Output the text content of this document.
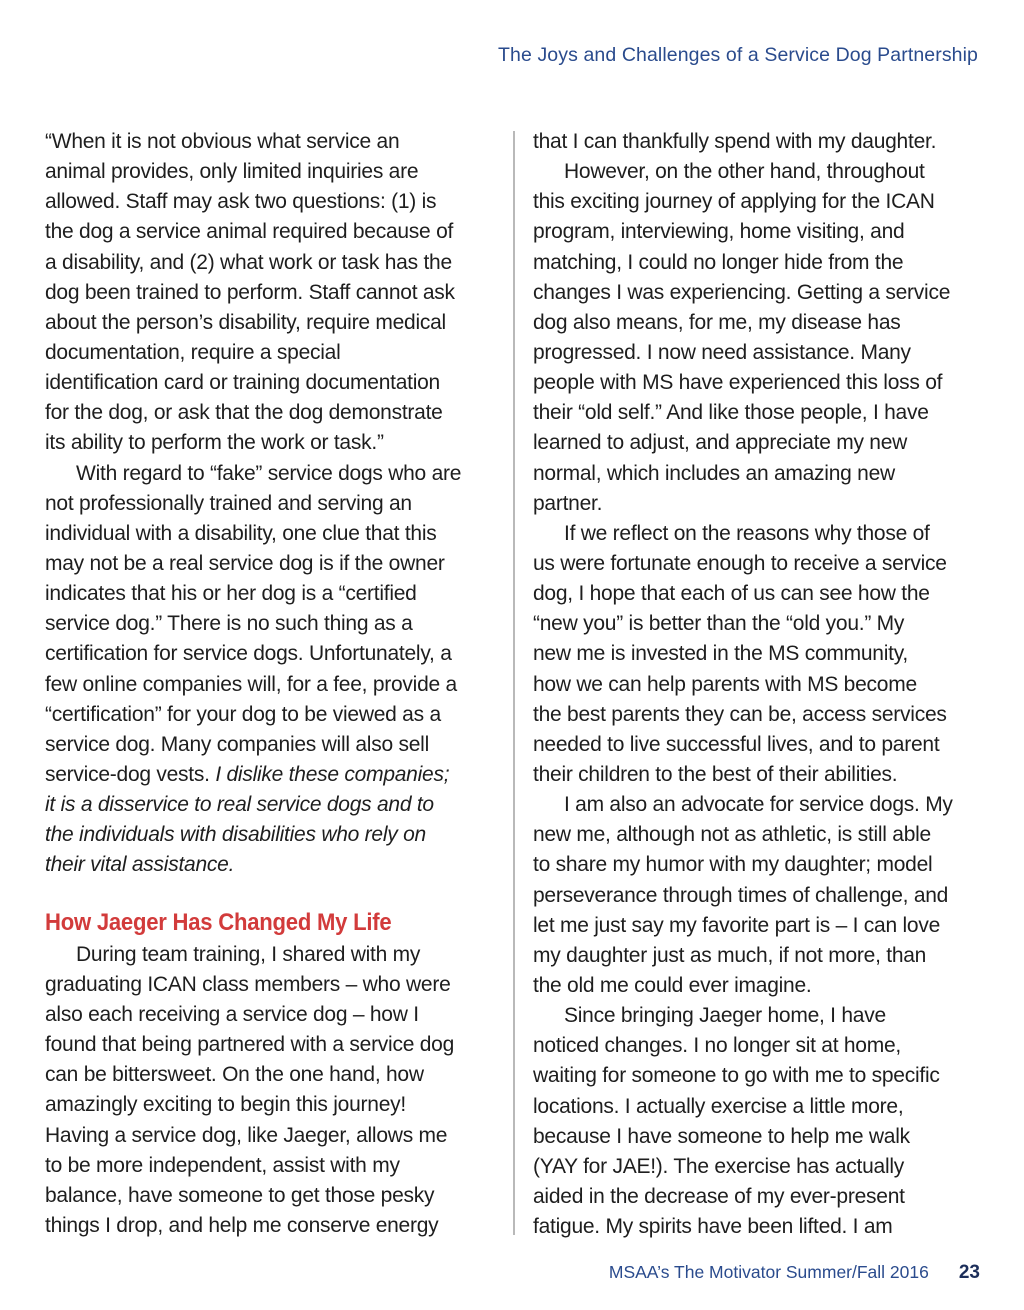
The Joys and Challenges of a Service Dog Partnership
“When it is not obvious what service an
animal provides, only limited inquiries are
allowed. Staff may ask two questions: (1) is
the dog a service animal required because of
a disability, and (2) what work or task has the
dog been trained to perform. Staff cannot ask
about the person’s disability, require medical
documentation, require a special
identification card or training documentation
for the dog, or ask that the dog demonstrate
its ability to perform the work or task.”
With regard to “fake” service dogs who are
not professionally trained and serving an
individual with a disability, one clue that this
may not be a real service dog is if the owner
indicates that his or her dog is a “certified
service dog.” There is no such thing as a
certification for service dogs. Unfortunately, a
few online companies will, for a fee, provide a
“certification” for your dog to be viewed as a
service dog. Many companies will also sell
service-dog vests. I dislike these companies;
it is a disservice to real service dogs and to
the individuals with disabilities who rely on
their vital assistance.
How Jaeger Has Changed My Life
During team training, I shared with my
graduating ICAN class members – who were
also each receiving a service dog – how I
found that being partnered with a service dog
can be bittersweet. On the one hand, how
amazingly exciting to begin this journey!
Having a service dog, like Jaeger, allows me
to be more independent, assist with my
balance, have someone to get those pesky
things I drop, and help me conserve energy
that I can thankfully spend with my daughter.
However, on the other hand, throughout
this exciting journey of applying for the ICAN
program, interviewing, home visiting, and
matching, I could no longer hide from the
changes I was experiencing. Getting a service
dog also means, for me, my disease has
progressed. I now need assistance. Many
people with MS have experienced this loss of
their “old self.” And like those people, I have
learned to adjust, and appreciate my new
normal, which includes an amazing new
partner.
If we reflect on the reasons why those of
us were fortunate enough to receive a service
dog, I hope that each of us can see how the
“new you” is better than the “old you.” My
new me is invested in the MS community,
how we can help parents with MS become
the best parents they can be, access services
needed to live successful lives, and to parent
their children to the best of their abilities.
I am also an advocate for service dogs. My
new me, although not as athletic, is still able
to share my humor with my daughter; model
perseverance through times of challenge, and
let me just say my favorite part is – I can love
my daughter just as much, if not more, than
the old me could ever imagine.
Since bringing Jaeger home, I have
noticed changes. I no longer sit at home,
waiting for someone to go with me to specific
locations. I actually exercise a little more,
because I have someone to help me walk
(YAY for JAE!). The exercise has actually
aided in the decrease of my ever-present
fatigue. My spirits have been lifted. I am
MSAA’s The Motivator Summer/Fall 2016 23
